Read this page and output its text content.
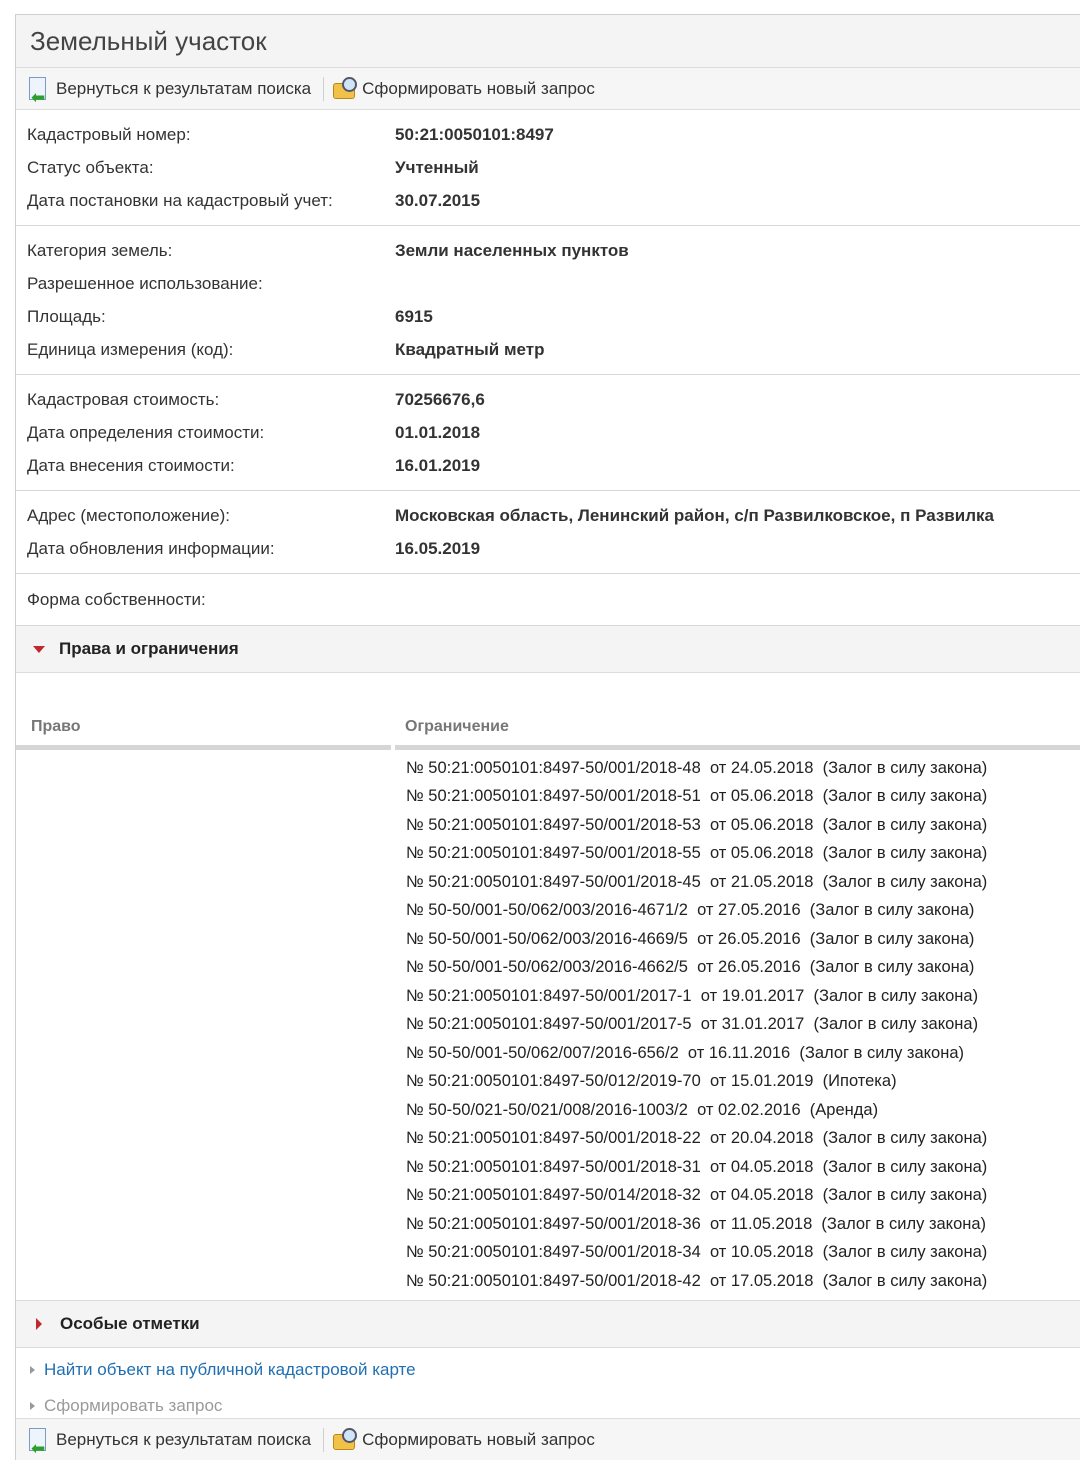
Земельный участок
⬅ Вернуться к результатам поиска	Сформировать новый запрос
Кадастровый номер:	50:21:0050101:8497
Статус объекта:	Учтенный
Дата постановки на кадастровый учет:	30.07.2015
Категория земель:	Земли населенных пунктов
Разрешенное использование:
Площадь:	6915
Единица измерения (код):	Квадратный метр
Кадастровая стоимость:	70256676,6
Дата определения стоимости:	01.01.2018
Дата внесения стоимости:	16.01.2019
Адрес (местоположение):	Московская область, Ленинский район, с/п Развилковское, п Развилка
Дата обновления информации:	16.05.2019
Форма собственности:
Права и ограничения
Право	Ограничение
№ 50:21:0050101:8497-50/001/2018-48  от 24.05.2018  (Залог в силу закона)
№ 50:21:0050101:8497-50/001/2018-51  от 05.06.2018  (Залог в силу закона)
№ 50:21:0050101:8497-50/001/2018-53  от 05.06.2018  (Залог в силу закона)
№ 50:21:0050101:8497-50/001/2018-55  от 05.06.2018  (Залог в силу закона)
№ 50:21:0050101:8497-50/001/2018-45  от 21.05.2018  (Залог в силу закона)
№ 50-50/001-50/062/003/2016-4671/2  от 27.05.2016  (Залог в силу закона)
№ 50-50/001-50/062/003/2016-4669/5  от 26.05.2016  (Залог в силу закона)
№ 50-50/001-50/062/003/2016-4662/5  от 26.05.2016  (Залог в силу закона)
№ 50:21:0050101:8497-50/001/2017-1  от 19.01.2017  (Залог в силу закона)
№ 50:21:0050101:8497-50/001/2017-5  от 31.01.2017  (Залог в силу закона)
№ 50-50/001-50/062/007/2016-656/2  от 16.11.2016  (Залог в силу закона)
№ 50:21:0050101:8497-50/012/2019-70  от 15.01.2019  (Ипотека)
№ 50-50/021-50/021/008/2016-1003/2  от 02.02.2016  (Аренда)
№ 50:21:0050101:8497-50/001/2018-22  от 20.04.2018  (Залог в силу закона)
№ 50:21:0050101:8497-50/001/2018-31  от 04.05.2018  (Залог в силу закона)
№ 50:21:0050101:8497-50/014/2018-32  от 04.05.2018  (Залог в силу закона)
№ 50:21:0050101:8497-50/001/2018-36  от 11.05.2018  (Залог в силу закона)
№ 50:21:0050101:8497-50/001/2018-34  от 10.05.2018  (Залог в силу закона)
№ 50:21:0050101:8497-50/001/2018-42  от 17.05.2018  (Залог в силу закона)
Особые отметки
Найти объект на публичной кадастровой карте
Сформировать запрос
⬅ Вернуться к результатам поиска	Сформировать новый запрос
